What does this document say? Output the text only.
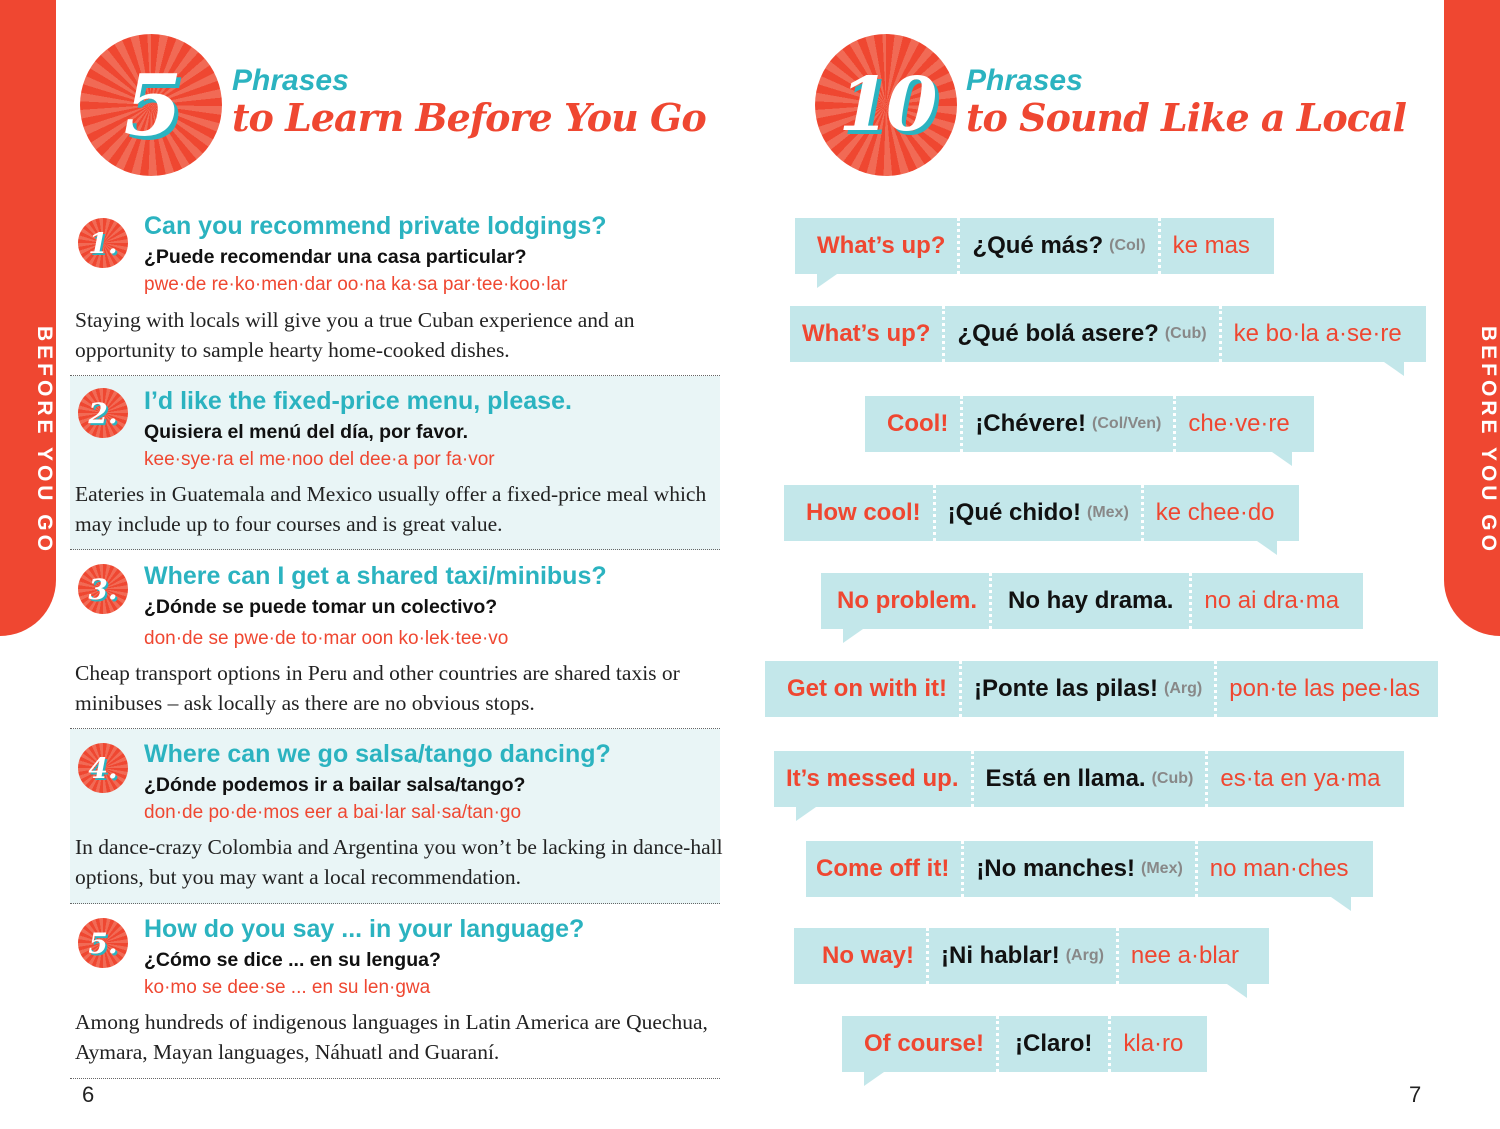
BEFORE YOU GO	BEFORE YOU GO
5 Phrases
to Learn Before You Go
1.
Can you recommend private lodgings?
¿Puede recomendar una casa particular?
pwe·de re·ko·men·dar oo·na ka·sa par·tee·koo·lar
Staying with locals will give you a true Cuban experience and an opportunity to sample hearty home-cooked dishes.
2. I’d like the fixed-price menu, please.
Quisiera el menú del día, por favor.
kee·sye·ra el me·noo del dee·a por fa·vor
Eateries in Guatemala and Mexico usually offer a fixed-price meal which may include up to four courses and is great value.
3. Where can I get a shared taxi/minibus?
¿Dónde se puede tomar un colectivo?
don·de se pwe·de to·mar oon ko·lek·tee·vo
Cheap transport options in Peru and other countries are shared taxis or minibuses – ask locally as there are no obvious stops.
4. Where can we go salsa/tango dancing?
¿Dónde podemos ir a bailar salsa/tango?
don·de po·de·mos eer a bai·lar sal·sa/tan·go
In dance-crazy Colombia and Argentina you won’t be lacking in dance-hall options, but you may want a local recommendation.
5. How do you say ... in your language?
¿Cómo se dice ... en su lengua?
ko·mo se dee·se ... en su len·gwa
Among hundreds of indigenous languages in Latin America are Quechua, Aymara, Mayan languages, Náhuatl and Guaraní.
6
10 Phrases
to Sound Like a Local
What’s up?	¿Qué más? (Col)	ke mas
What’s up?	¿Qué bolá asere? (Cub)	ke bo·la a·se·re
Cool!	¡Chévere! (Col/Ven)	che·ve·re
How cool!	¡Qué chido! (Mex)	ke chee·do
No problem.	No hay drama.	no ai dra·ma
Get on with it!	¡Ponte las pilas! (Arg)	pon·te las pee·las
It’s messed up.	Está en llama. (Cub)	es·ta en ya·ma
Come off it!	¡No manches! (Mex)	no man·ches
No way!	¡Ni hablar! (Arg)	nee a·blar
Of course!	¡Claro!	kla·ro
7
